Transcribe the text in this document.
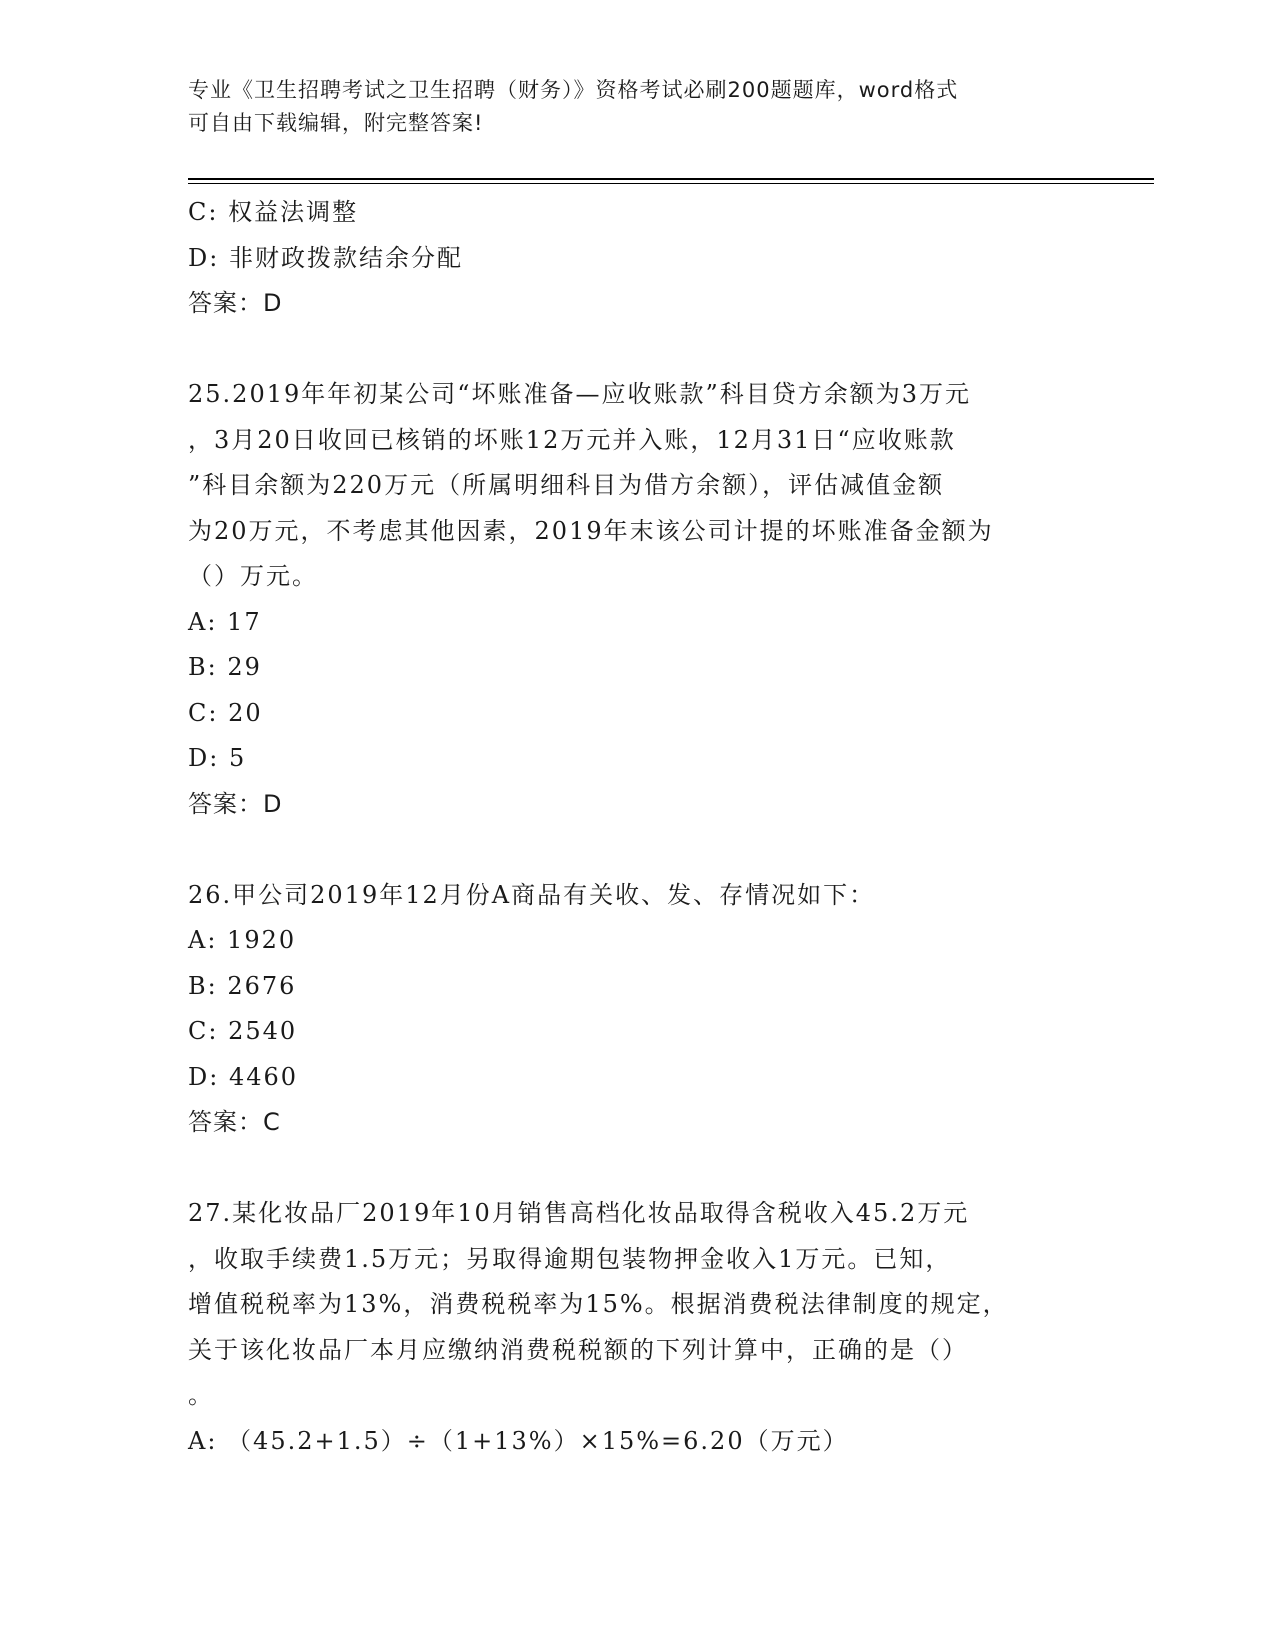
专业《卫生招聘考试之卫生招聘（财务）》资格考试必刷200题题库，word格式
可自由下载编辑，附完整答案!
C: 权益法调整
D: 非财政拨款结余分配
答案：D
25.2019年年初某公司“坏账准备—应收账款”科目贷方余额为3万元
，3月20日收回已核销的坏账12万元并入账，12月31日“应收账款
”科目余额为220万元（所属明细科目为借方余额），评估减值金额
为20万元，不考虑其他因素，2019年末该公司计提的坏账准备金额为
（）万元。
A: 17
B: 29
C: 20
D: 5
答案：D
26.甲公司2019年12月份A商品有关收、发、存情况如下：
A: 1920
B: 2676
C: 2540
D: 4460
答案：C
27.某化妆品厂2019年10月销售高档化妆品取得含税收入45.2万元
，收取手续费1.5万元；另取得逾期包装物押金收入1万元。已知，
增值税税率为13%，消费税税率为15%。根据消费税法律制度的规定，
关于该化妆品厂本月应缴纳消费税税额的下列计算中，正确的是（）
。
A: （45.2+1.5）÷（1+13%）×15%=6.20（万元）
